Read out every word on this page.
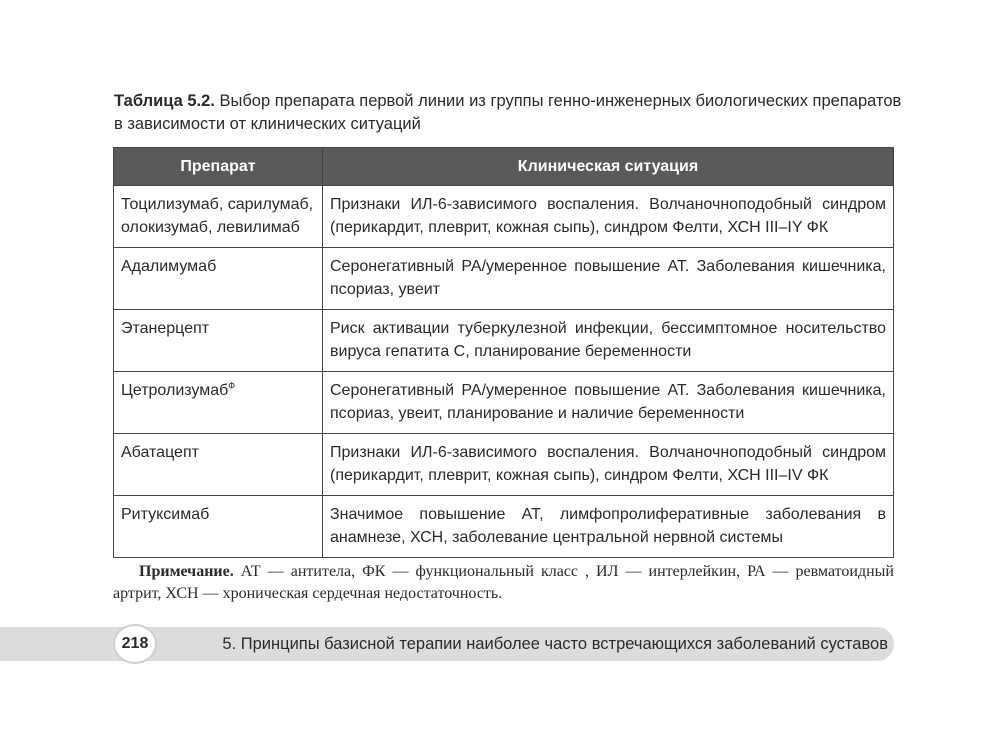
Таблица 5.2. Выбор препарата первой линии из группы генно-инженерных биологических препаратов в зависимости от клинических ситуаций
Препарат	Клиническая ситуация
Тоцилизумаб, сарилумаб, олокизумаб, левилимаб	Признаки ИЛ-6-зависимого воспаления. Волчаночноподобный синдром (перикардит, плеврит, кожная сыпь), синдром Фелти, ХСН III–IY ФК
Адалимумаб	Серонегативный РА/умеренное повышение АТ. Заболевания кишечника, псориаз, увеит
Этанерцепт	Риск активации туберкулезной инфекции, бессимптомное носительство вируса гепатита С, планирование беременности
Цетролизумаб$^Ф$	Серонегативный РА/умеренное повышение АТ. Заболевания кишечника, псориаз, увеит, планирование и наличие беременности
Абатацепт	Признаки ИЛ-6-зависимого воспаления. Волчаночноподобный синдром (перикардит, плеврит, кожная сыпь), синдром Фелти, ХСН III–IV ФК
Ритуксимаб	Значимое повышение АТ, лимфопролиферативные заболевания в анамнезе, ХСН, заболевание центральной нервной системы
Примечание. АТ — антитела, ФК — функциональный класс , ИЛ — интерлейкин, РА — ревматоидный артрит, ХСН — хроническая сердечная недостаточность.
218	5. Принципы базисной терапии наиболее часто встречающихся заболеваний суставов
